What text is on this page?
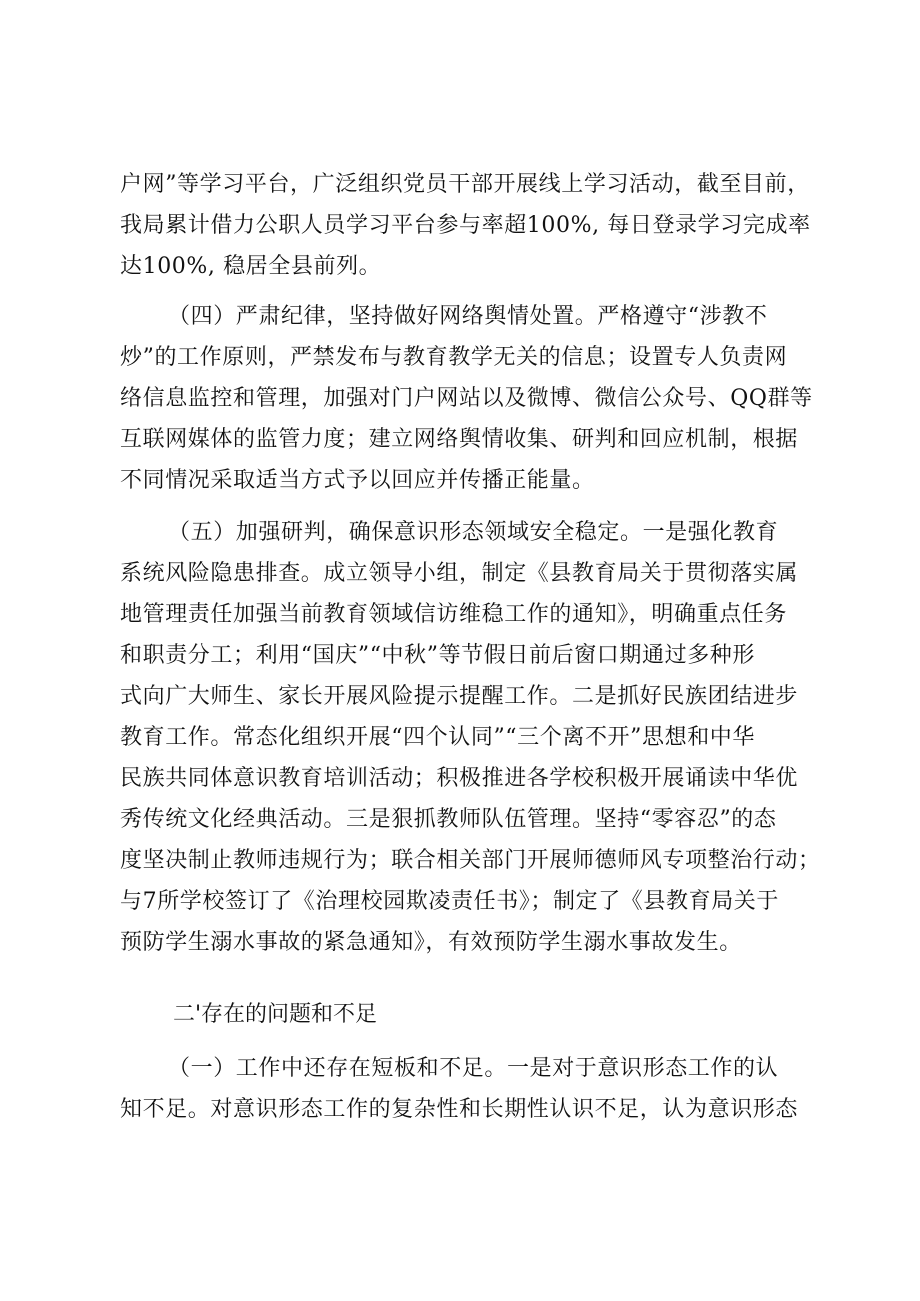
户网”等学习平台，广泛组织党员干部开展线上学习活动，截至目前，
我局累计借力公职人员学习平台参与率超100%, 每日登录学习完成率
达100%, 稳居全县前列。
（四）严肃纪律，坚持做好网络舆情处置。严格遵守“涉教不
炒”的工作原则，严禁发布与教育教学无关的信息；设置专人负责网
络信息监控和管理，加强对门户网站以及微博、微信公众号、QQ群等
互联网媒体的监管力度；建立网络舆情收集、研判和回应机制，根据
不同情况采取适当方式予以回应并传播正能量。
（五）加强研判，确保意识形态领域安全稳定。一是强化教育
系统风险隐患排查。成立领导小组，制定《县教育局关于贯彻落实属
地管理责任加强当前教育领域信访维稳工作的通知》，明确重点任务
和职责分工；利用“国庆”“中秋”等节假日前后窗口期通过多种形
式向广大师生、家长开展风险提示提醒工作。二是抓好民族团结进步
教育工作。常态化组织开展“四个认同”“三个离不开”思想和中华
民族共同体意识教育培训活动；积极推进各学校积极开展诵读中华优
秀传统文化经典活动。三是狠抓教师队伍管理。坚持“零容忍”的态
度坚决制止教师违规行为；联合相关部门开展师德师风专项整治行动；
与7所学校签订了《治理校园欺凌责任书》；制定了《县教育局关于
预防学生溺水事故的紧急通知》，有效预防学生溺水事故发生。
二'存在的问题和不足
（一）工作中还存在短板和不足。一是对于意识形态工作的认
知不足。对意识形态工作的复杂性和长期性认识不足，认为意识形态
